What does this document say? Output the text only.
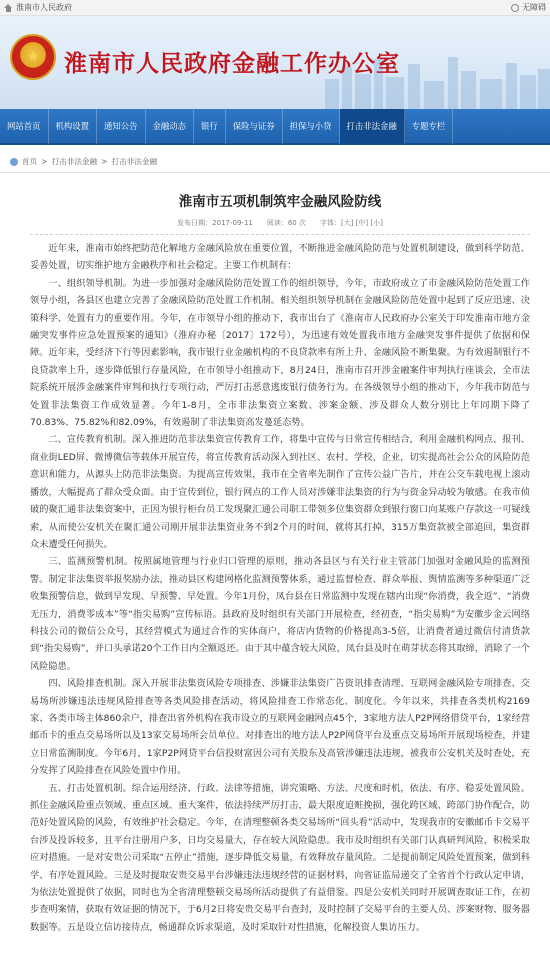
淮南市人民政府	无障碍
★ 淮南市人民政府金融工作办公室
网站首页	机构设置	通知公告	金融动态	银行	保险与证券	担保与小贷	打击非法金融	专题专栏
首页 > 打击非法金融 > 打击非法金融
淮南市五项机制筑牢金融风险防线
发布日期：2017-09-11　　阅读：60 次　　字体：[大] [中] [小]

近年来，淮南市始终把防范化解地方金融风险放在重要位置，不断推进金融风险防范与处置机制建设，做到科学防范、妥善处置，切实维护地方金融秩序和社会稳定。主要工作机制有：

一、组织领导机制。为进一步加强对金融风险防范处置工作的组织领导，今年，市政府成立了市金融风险防范处置工作领导小组，各县区也建立完善了金融风险防范处置工作机制。相关组织领导机制在金融风险防范处置中起到了反应迅速、决策科学、处置有力的重要作用。今年，在市领导小组的推动下，我市出台了《淮南市人民政府办公室关于印发淮南市地方金融突发事件应急处置预案的通知》（淮府办秘〔2017〕172号），为迅速有效处置我市地方金融突发事件提供了依据和保障。近年来，受经济下行等因素影响，我市银行业金融机构的不良贷款率有所上升、金融风险不断集聚。为有效遏制银行不良贷款率上升，逐步降低银行存量风险，在市领导小组推动下，8月24日，淮南市召开涉金融案件审判执行座谈会，全市法院系统开展涉金融案件审判和执行专项行动，严厉打击恶意逃废银行债务行为。在各级领导小组的推动下，今年我市防范与处置非法集资工作成效显著。今年1-8月，全市非法集资立案数、涉案金额、涉及群众人数分别比上年同期下降了70.83%、75.82%和82.09%，有效遏制了非法集资高发蔓延态势。

二、宣传教育机制。深入推进防范非法集资宣传教育工作，将集中宣传与日常宣传相结合，利用金融机构网点、报刊、商业街LED屏、微博微信等载体开展宣传，将宣传教育活动深入到社区、农村、学校、企业，切实提高社会公众的风险防范意识和能力，从源头上防范非法集资。为提高宣传效果，我市在全省率先制作了宣传公益广告片，并在公交车载电视上滚动播放，大幅提高了群众受众面。由于宣传到位，银行网点的工作人员对涉嫌非法集资的行为与资金异动较为敏感。在我市侦破的聚汇通非法集资案中，正因为银行柜台员工发现聚汇通公司职工带领多位集资群众到银行窗口向某账户存款这一可疑线索，从而使公安机关在聚汇通公司刚开展非法集资业务不到2个月的时间，就将其打掉，315万集资款被全部追回，集资群众未遭受任何损失。

三、监测预警机制。按照属地管理与行业归口管理的原则，推动各县区与有关行业主管部门加强对金融风险的监测预警。制定非法集资举报奖励办法，推动县区构建网格化监测预警体系，通过监督检查、群众举报、舆情监测等多种渠道广泛收集预警信息，做到早发现、早预警、早处置。今年1月份，凤台县在日常监测中发现在辖内出现“你消费，我全返”、“消费无压力，消费零成本”等“指尖易购”宣传标语。县政府及时组织有关部门开展检查，经初查，“指尖易购”为安徽步金云网络科技公司的微信公众号，其经营模式为通过合作的实体商户，将店内货物的价格提高3-5倍，让消费者通过微信付清货款到“指尖易购”，并口头承诺20个工作日内全额返还。由于其中蕴含较大风险，凤台县及时在萌芽状态将其取缔，消除了一个风险隐患。

四、风险排查机制。深入开展非法集资风险专项排查、涉嫌非法集资广告资讯排查清理、互联网金融风险专项排查、交易场所涉嫌违法违规风险排查等各类风险排查活动，将风险排查工作常态化、制度化。今年以来，共排查各类机构2169家、各类市场主体860余户，排查出省外机构在我市设立的互联网金融网点45个，3家地方法人P2P网络借贷平台，1家经营邮币卡的重点交易场所以及13家交易场所会员单位。对排查出的地方法人P2P网贷平台及重点交易场所开展现场检查，并建立日常监测制度。今年6月，1家P2P网贷平台信投财富因公司有关股东及高管涉嫌违法违规，被我市公安机关及时查处，充分发挥了风险排查在风险处置中作用。

五、打击处置机制。综合运用经济、行政、法律等措施，讲究策略、方法、尺度和时机，依法、有序、稳妥处置风险。抓住金融风险重点领域、重点区域、重大案件，依法持续严厉打击，最大限度追赃挽损，强化跨区域、跨部门协作配合，防范好处置风险的风险，有效维护社会稳定。今年，在清理整顿各类交易场所“回头看”活动中，发现我市的安徽邮币卡交易平台涉及投诉较多，且平台注册用户多，日均交易量大，存在较大风险隐患。我市及时组织有关部门认真研判风险，积极采取应对措施。一是对安贵公司采取“五停止”措施，逐步降低交易量，有效释放存量风险。二是提前制定风险处置预案，做到科学、有序处置风险。三是及时提取安贵交易平台涉嫌违法违规经营的证据材料，向省证监局递交了全省首个行政认定申请，为依法处置提供了依据，同时也为全省清理整顿交易场所活动提供了有益借鉴。四是公安机关同时开展调查取证工作，在初步查明案情，获取有效证据的情况下，于6月2日将安贵交易平台查封，及时控制了交易平台的主要人员、涉案财物、服务器数据等。五是设立信访接待点，畅通群众诉求渠道，及时采取针对性措施，化解投资人集访压力。
